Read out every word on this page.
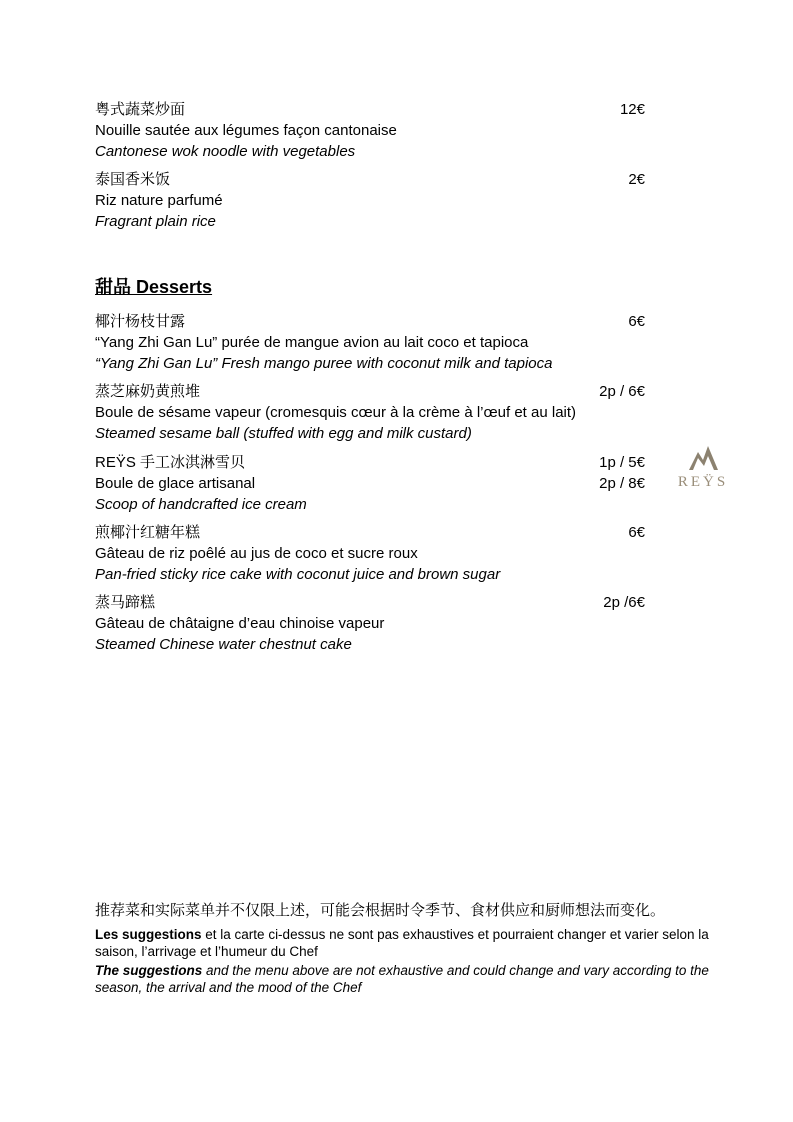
粤式蔬菜炒面	12€
Nouille sautée aux légumes façon cantonaise
Cantonese wok noodle with vegetables
泰国香米饭	2€
Riz nature parfumé
Fragrant plain rice
甜品 Desserts
椰汁杨枝甘露	6€
“Yang Zhi Gan Lu” purée de mangue avion au lait coco et tapioca
“Yang Zhi Gan Lu” Fresh mango puree with coconut milk and tapioca
蒸芝麻奶黄煎堆	2p / 6€
Boule de sésame vapeur (cromesquis cœur à la crème à l’œuf et au lait)
Steamed sesame ball (stuffed with egg and milk custard)
REŸS 手工冰淇淋雪贝	1p / 5€
Boule de glace artisanal	2p / 8€
Scoop of handcrafted ice cream
煎椰汁红糖年糕	6€
Gâteau de riz poêlé au jus de coco et sucre roux
Pan-fried sticky rice cake with coconut juice and brown sugar
蒸马蹄糕	2p /6€
Gâteau de châtaigne d’eau chinoise vapeur
Steamed Chinese water chestnut cake
REŸS
推荐菜和实际菜单并不仅限上述，可能会根据时令季节、食材供应和厨师想法而变化。
Les suggestions et la carte ci-dessus ne sont pas exhaustives et pourraient changer et varier selon la saison, l’arrivage et l’humeur du Chef
The suggestions and the menu above are not exhaustive and could change and vary according to the season, the arrival and the mood of the Chef
